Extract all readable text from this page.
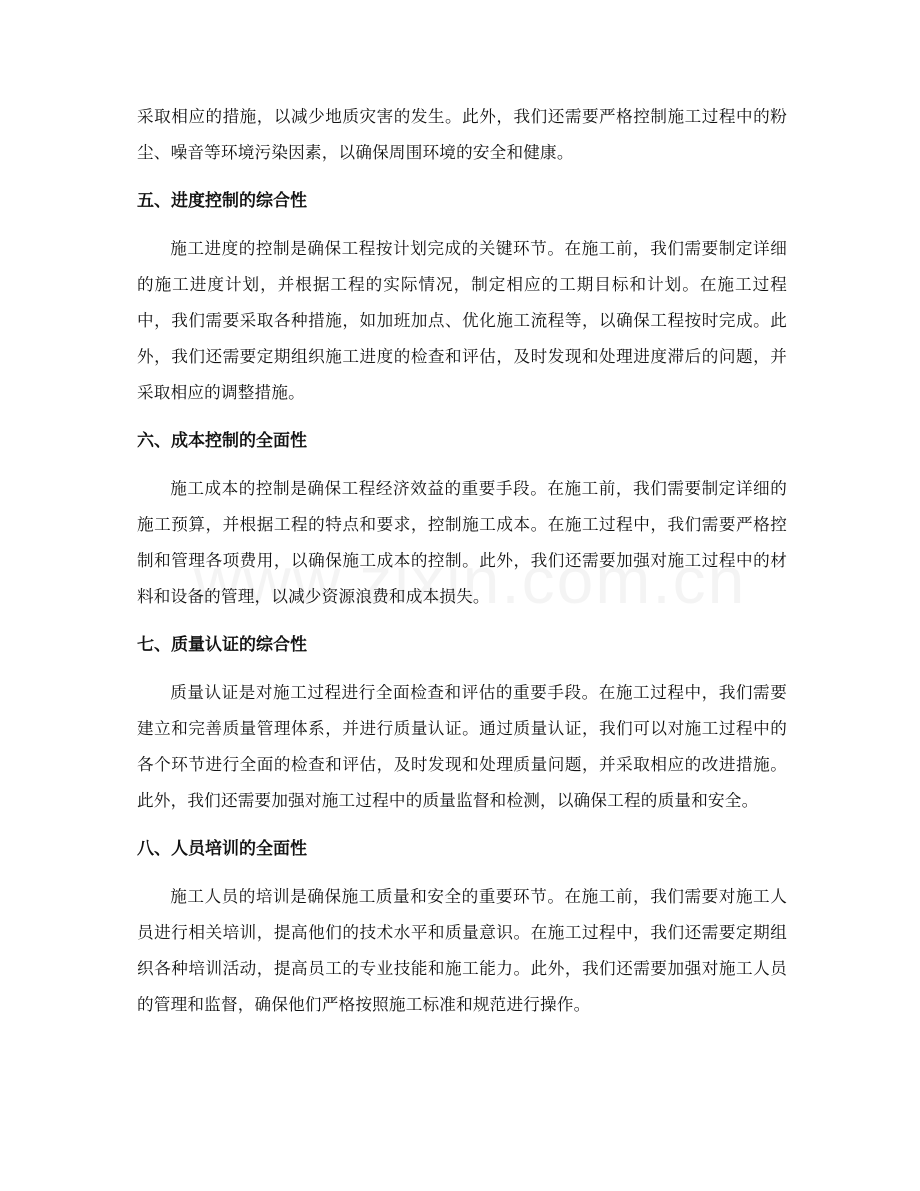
采取相应的措施，以减少地质灾害的发生。此外，我们还需要严格控制施工过程中的粉尘、噪音等环境污染因素，以确保周围环境的安全和健康。

五、进度控制的综合性

施工进度的控制是确保工程按计划完成的关键环节。在施工前，我们需要制定详细的施工进度计划，并根据工程的实际情况，制定相应的工期目标和计划。在施工过程中，我们需要采取各种措施，如加班加点、优化施工流程等，以确保工程按时完成。此外，我们还需要定期组织施工进度的检查和评估，及时发现和处理进度滞后的问题，并采取相应的调整措施。

六、成本控制的全面性

施工成本的控制是确保工程经济效益的重要手段。在施工前，我们需要制定详细的施工预算，并根据工程的特点和要求，控制施工成本。在施工过程中，我们需要严格控制和管理各项费用，以确保施工成本的控制。此外，我们还需要加强对施工过程中的材料和设备的管理，以减少资源浪费和成本损失。

七、质量认证的综合性

质量认证是对施工过程进行全面检查和评估的重要手段。在施工过程中，我们需要建立和完善质量管理体系，并进行质量认证。通过质量认证，我们可以对施工过程中的各个环节进行全面的检查和评估，及时发现和处理质量问题，并采取相应的改进措施。此外，我们还需要加强对施工过程中的质量监督和检测，以确保工程的质量和安全。

八、人员培训的全面性

施工人员的培训是确保施工质量和安全的重要环节。在施工前，我们需要对施工人员进行相关培训，提高他们的技术水平和质量意识。在施工过程中，我们还需要定期组织各种培训活动，提高员工的专业技能和施工能力。此外，我们还需要加强对施工人员的管理和监督，确保他们严格按照施工标准和规范进行操作。
